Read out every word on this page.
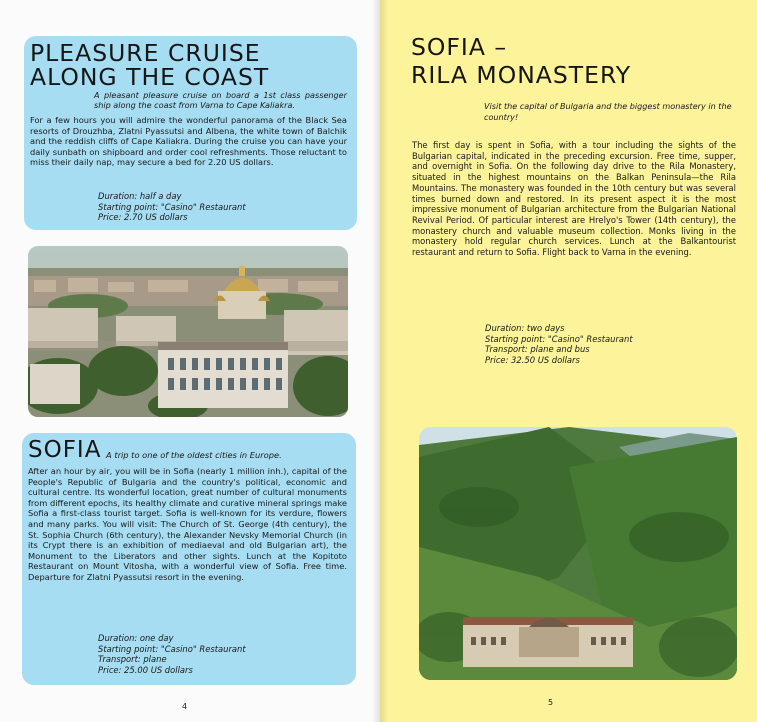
PLEASURE CRUISE
ALONG THE COAST

A pleasant pleasure cruise on board a 1st class passenger ship along the coast from Varna to Cape Kaliakra.

For a few hours you will admire the wonderful panorama of the Black Sea resorts of Drouzhba, Zlatni Pyassutsi and Albena, the white town of Balchik and the reddish cliffs of Cape Kaliakra. During the cruise you can have your daily sunbath on shipboard and order cool refreshments. Those reluctant to miss their daily nap, may secure a bed for 2.20 US dollars.

Duration: half a day
Starting point: "Casino" Restaurant
Price: 2.70 US dollars
SOFIA A trip to one of the oldest cities in Europe.

After an hour by air, you will be in Sofia (nearly 1 million inh.), capital of the People's Republic of Bulgaria and the country's political, economic and cultural centre. Its wonderful location, great number of cultural monuments from different epochs, its healthy climate and curative mineral springs make Sofia a first-class tourist target. Sofia is well-known for its verdure, flowers and many parks. You will visit: The Church of St. George (4th century), the St. Sophia Church (6th century), the Alexander Nevsky Memorial Church (in its Crypt there is an exhibition of mediaeval and old Bulgarian art), the Monument to the Liberators and other sights. Lunch at the Kopitoto Restaurant on Mount Vitosha, with a wonderful view of Sofia. Free time. Departure for Zlatni Pyassutsi resort in the evening.

Duration: one day
Starting point: "Casino" Restaurant
Transport: plane
Price: 25.00 US dollars
4
SOFIA –
RILA MONASTERY

Visit the capital of Bulgaria and the biggest monastery in the country!

The first day is spent in Sofia, with a tour including the sights of the Bulgarian capital, indicated in the preceding excursion. Free time, supper, and overnight in Sofia. On the following day drive to the Rila Monastery, situated in the highest mountains on the Balkan Peninsula—the Rila Mountains. The monastery was founded in the 10th century but was several times burned down and restored. In its present aspect it is the most impressive monument of Bulgarian architecture from the Bulgarian National Revival Period. Of particular interest are Hrelyo's Tower (14th century), the monastery church and valuable museum collection. Monks living in the monastery hold regular church services. Lunch at the Balkantourist restaurant and return to Sofia. Flight back to Varna in the evening.

Duration: two days
Starting point: "Casino" Restaurant
Transport: plane and bus
Price: 32.50 US dollars
5
